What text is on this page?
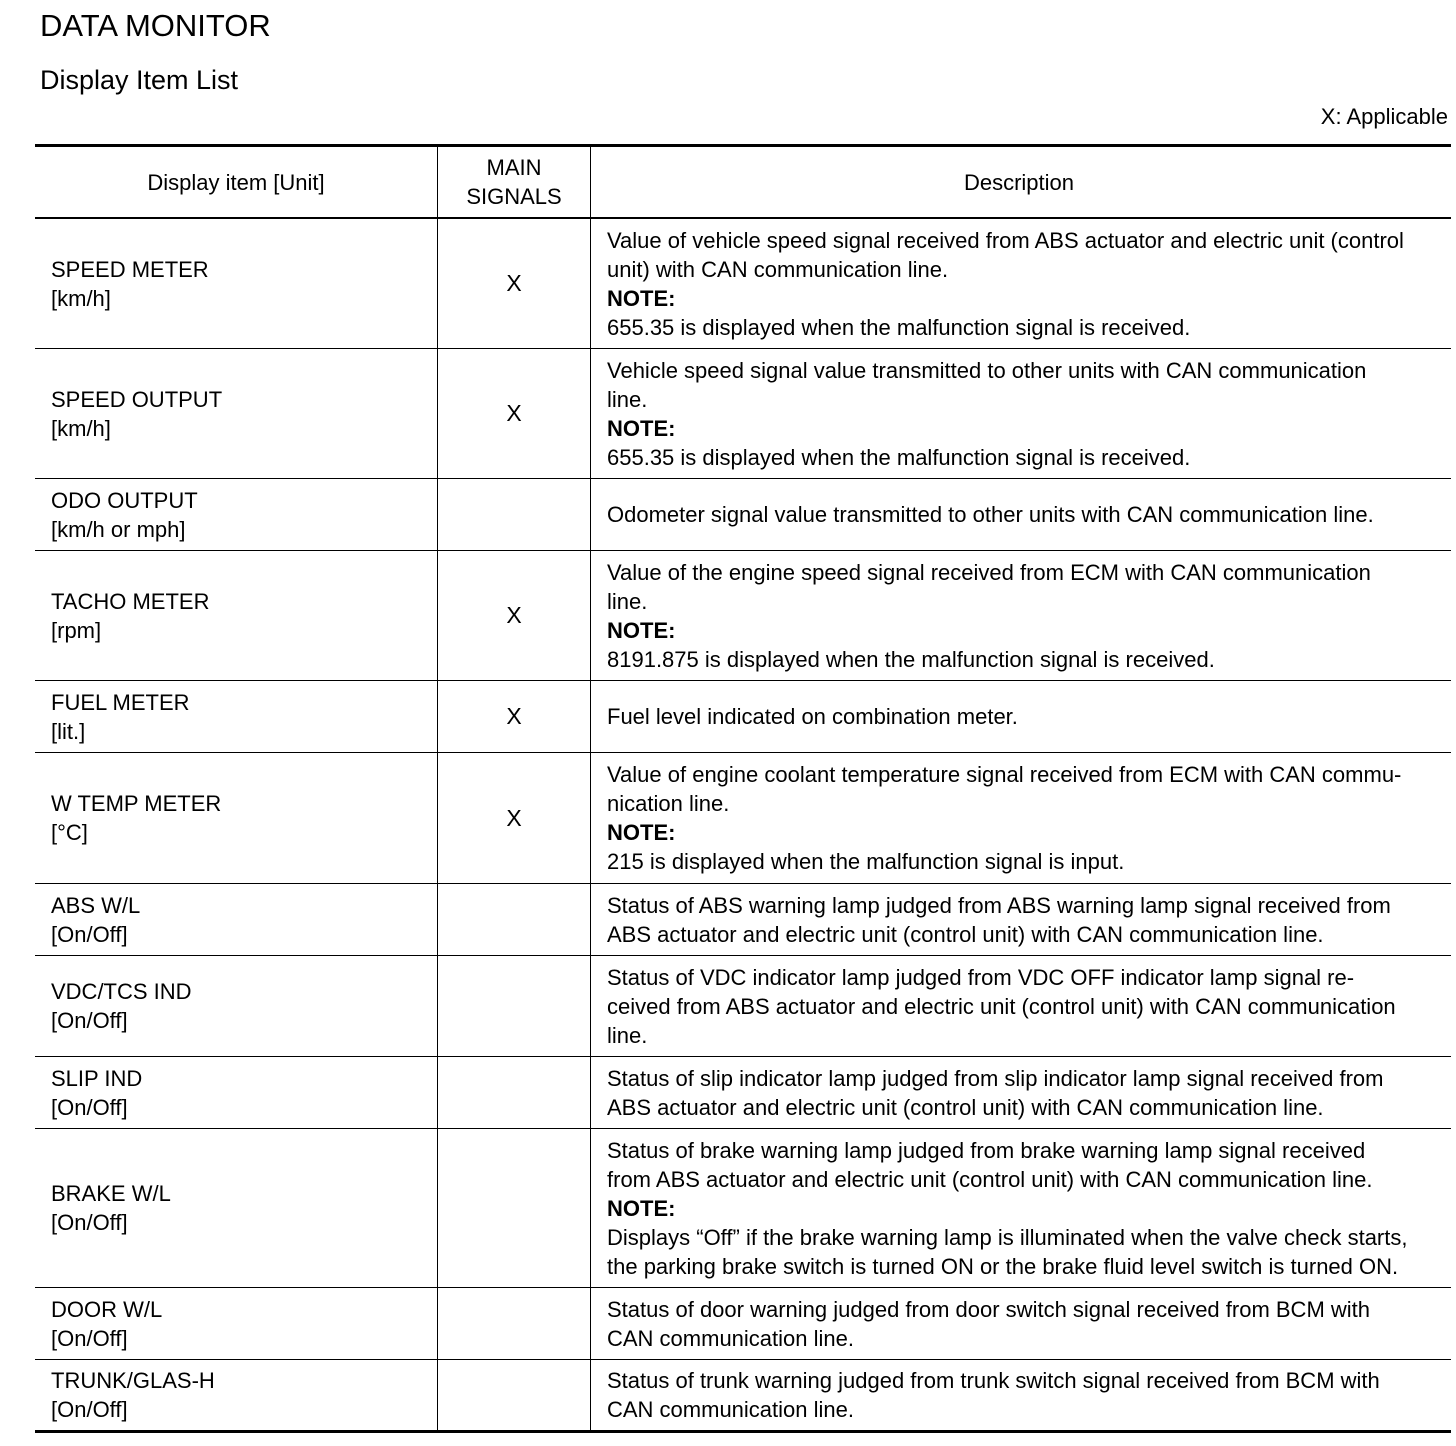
DATA MONITOR
Display Item List
X: Applicable
Display item [Unit]
MAIN
SIGNALS
Description
SPEED METER
[km/h]
X
Value of vehicle speed signal received from ABS actuator and electric unit (control
unit) with CAN communication line.
NOTE:
655.35 is displayed when the malfunction signal is received.
SPEED OUTPUT
[km/h]
X
Vehicle speed signal value transmitted to other units with CAN communication
line.
NOTE:
655.35 is displayed when the malfunction signal is received.
ODO OUTPUT
[km/h or mph]
Odometer signal value transmitted to other units with CAN communication line.
TACHO METER
[rpm]
X
Value of the engine speed signal received from ECM with CAN communication
line.
NOTE:
8191.875 is displayed when the malfunction signal is received.
FUEL METER
[lit.]
X	Fuel level indicated on combination meter.
W TEMP METER
[°C]
X
Value of engine coolant temperature signal received from ECM with CAN commu-
nication line.
NOTE:
215 is displayed when the malfunction signal is input.
ABS W/L
[On/Off]
Status of ABS warning lamp judged from ABS warning lamp signal received from
ABS actuator and electric unit (control unit) with CAN communication line.
VDC/TCS IND
[On/Off]
Status of VDC indicator lamp judged from VDC OFF indicator lamp signal re-
ceived from ABS actuator and electric unit (control unit) with CAN communication
line.
SLIP IND
[On/Off]
Status of slip indicator lamp judged from slip indicator lamp signal received from
ABS actuator and electric unit (control unit) with CAN communication line.
BRAKE W/L
[On/Off]
Status of brake warning lamp judged from brake warning lamp signal received
from ABS actuator and electric unit (control unit) with CAN communication line.
NOTE:
Displays “Off” if the brake warning lamp is illuminated when the valve check starts,
the parking brake switch is turned ON or the brake fluid level switch is turned ON.
DOOR W/L
[On/Off]
Status of door warning judged from door switch signal received from BCM with
CAN communication line.
TRUNK/GLAS-H
[On/Off]
Status of trunk warning judged from trunk switch signal received from BCM with
CAN communication line.
